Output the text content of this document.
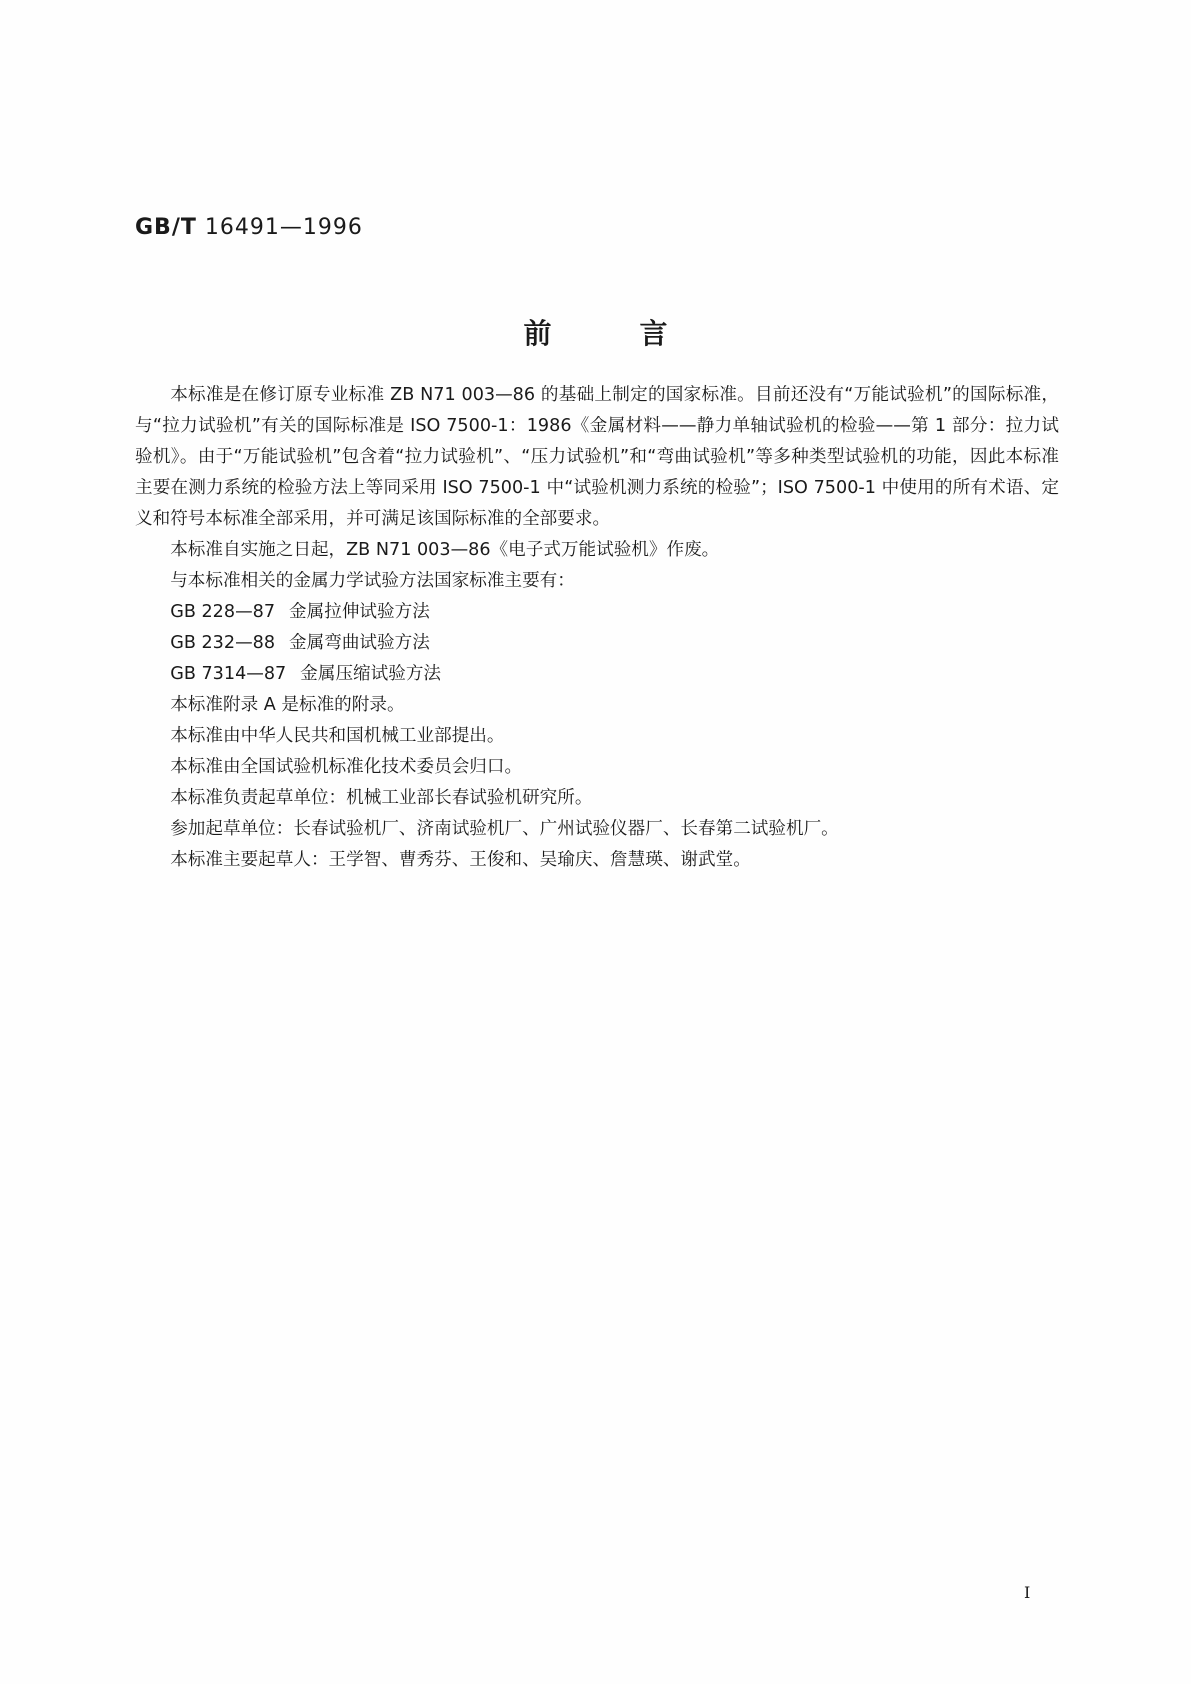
GB/T 16491—1996
前言

本标准是在修订原专业标准 ZB N71 003—86 的基础上制定的国家标准。目前还没有“万能试验机”的国际标准，与“拉力试验机”有关的国际标准是 ISO 7500-1：1986《金属材料——静力单轴试验机的检验——第 1 部分：拉力试验机》。由于“万能试验机”包含着“拉力试验机”、“压力试验机”和“弯曲试验机”等多种类型试验机的功能，因此本标准主要在测力系统的检验方法上等同采用 ISO 7500-1 中“试验机测力系统的检验”；ISO 7500-1 中使用的所有术语、定义和符号本标准全部采用，并可满足该国际标准的全部要求。

本标准自实施之日起，ZB N71 003—86《电子式万能试验机》作废。

与本标准相关的金属力学试验方法国家标准主要有：

GB 228—87 金属拉伸试验方法

GB 232—88 金属弯曲试验方法

GB 7314—87 金属压缩试验方法

本标准附录 A 是标准的附录。

本标准由中华人民共和国机械工业部提出。

本标准由全国试验机标准化技术委员会归口。

本标准负责起草单位：机械工业部长春试验机研究所。

参加起草单位：长春试验机厂、济南试验机厂、广州试验仪器厂、长春第二试验机厂。

本标准主要起草人：王学智、曹秀芬、王俊和、吴瑜庆、詹慧瑛、谢武堂。

I
